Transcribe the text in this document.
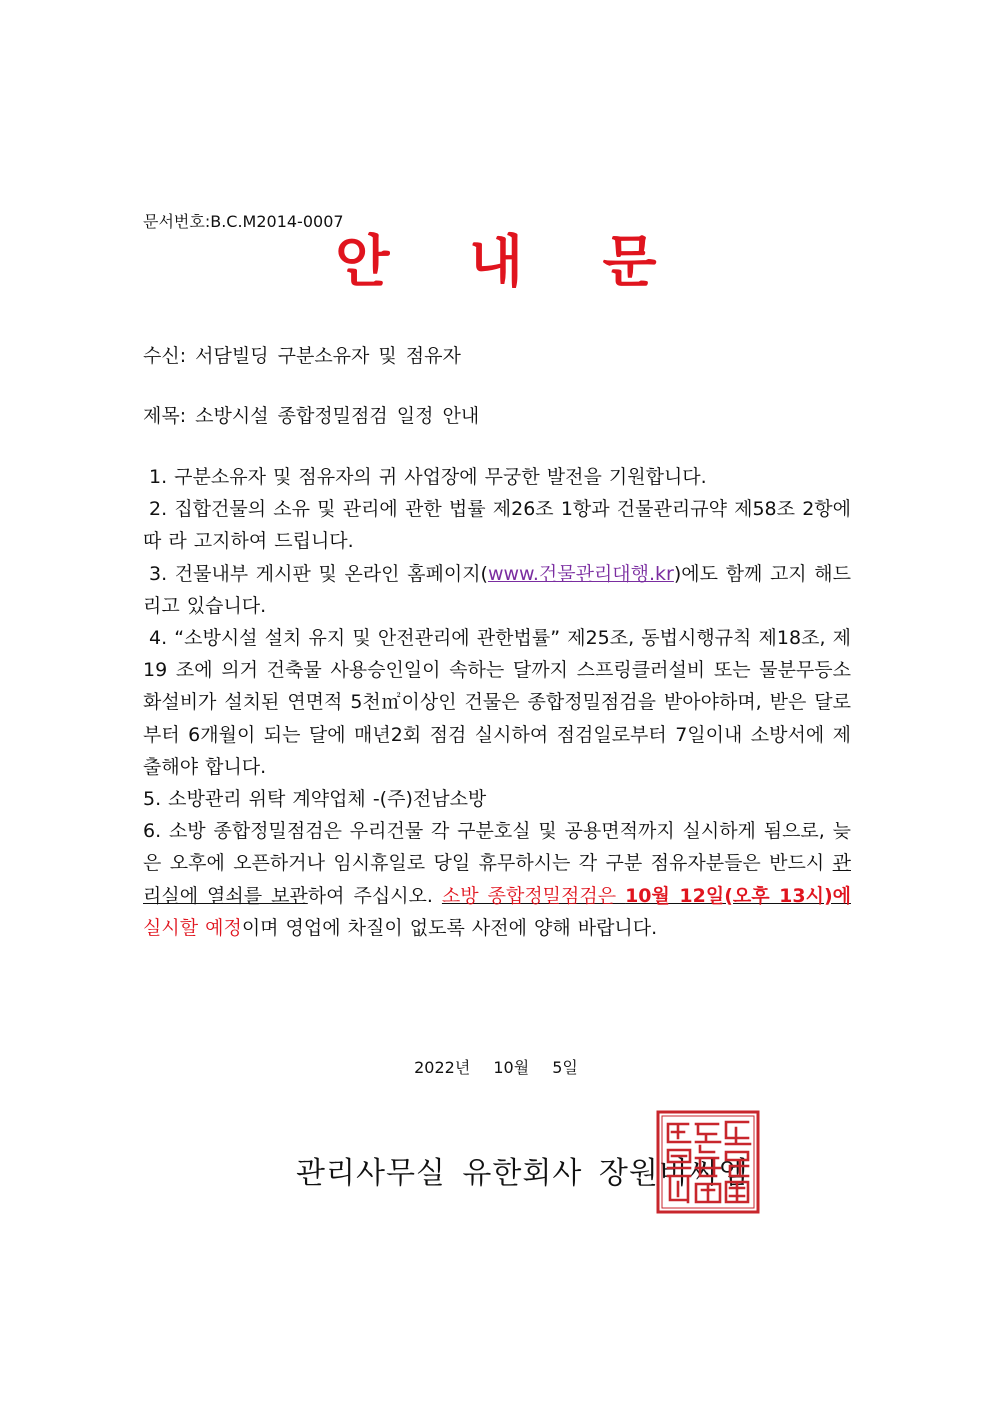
문서번호:B.C.M2014-0007
안 내 문
수신: 서담빌딩 구분소유자 및 점유자
제목: 소방시설 종합정밀점검 일정 안내

1. 구분소유자 및 점유자의 귀 사업장에 무궁한 발전을 기원합니다.

2. 집합건물의 소유 및 관리에 관한 법률 제26조 1항과 건물관리규약 제58조 2항에 따 라 고지하여 드립니다.

3. 건물내부 게시판 및 온라인 홈페이지(www.건물관리대행.kr)에도 함께 고지 해드리고 있습니다.

4. “소방시설 설치 유지 및 안전관리에 관한법률” 제25조, 동법시행규칙 제18조, 제19 조에 의거 건축물 사용승인일이 속하는 달까지 스프링클러설비 또는 물분무등소화설비가 설치된 연면적 5천㎡이상인 건물은 종합정밀점검을 받아야하며, 받은 달로부터 6개월이 되는 달에 매년2회 점검 실시하여 점검일로부터 7일이내 소방서에 제출해야 합니다.

5. 소방관리 위탁 계약업체 -(주)전남소방

6. 소방 종합정밀점검은 우리건물 각 구분호실 및 공용면적까지 실시하게 됨으로, 늦은 오후에 오픈하거나 임시휴일로 당일 휴무하시는 각 구분 점유자분들은 반드시 관리실에 열쇠를 보관하여 주십시오. 소방 종합정밀점검은 10월 12일(오후 13시)에 실시할 예정이며 영업에 차질이 없도록 사전에 양해 바랍니다.

2022년 10월 5일
관리사무실 유한회사 장원비씨엠
